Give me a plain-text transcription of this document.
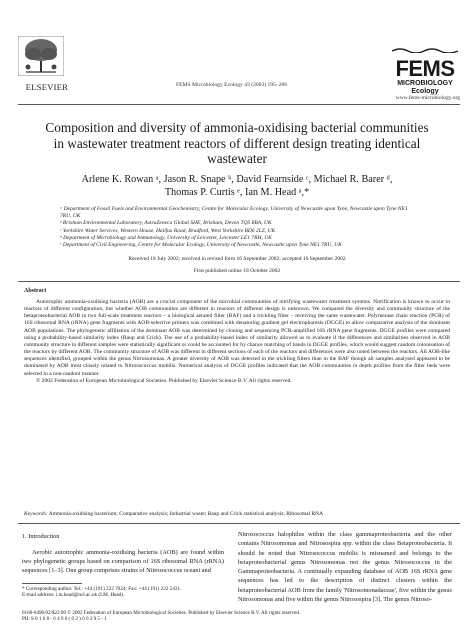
ELSEVIER	FEMS Microbiology Ecology 43 (2003) 195–206
FEMS
MICROBIOLOGY
Ecology
www.fems-microbiology.org
Composition and diversity of ammonia-oxidising bacterial communities in wastewater treatment reactors of different design treating identical wastewater
Arlene K. Rowan ᵃ, Jason R. Snape ᵇ, David Fearnside ᶜ, Michael R. Barer ᵈ,
Thomas P. Curtis ᵉ, Ian M. Head ᵃ,*
ᵃ Department of Fossil Fuels and Environmental Geochemistry, Centre for Molecular Ecology, University of Newcastle upon Tyne, Newcastle upon Tyne NE1 7RU, UK
ᵇ Brixham Environmental Laboratory, AstraZeneca Global SHE, Brixham, Devon TQ5 8BA, UK
ᶜ Yorkshire Water Services, Western House, Halifax Road, Bradford, West Yorkshire BD6 2LZ, UK
ᵈ Department of Microbiology and Immunology, University of Leicester, Leicester LE1 7RH, UK
ᵉ Department of Civil Engineering, Centre for Molecular Ecology, University of Newcastle, Newcastle upon Tyne NE1 7RU, UK
Received 18 July 2002; received in revised form 16 September 2002; accepted 16 September 2002
First published online 18 October 2002
Abstract
Autotrophic ammonia-oxidising bacteria (AOB) are a crucial component of the microbial communities of nitrifying wastewater treatment systems. Nitrification is known to occur in reactors of different configuration, but whether AOB communities are different in reactors of different design is unknown. We compared the diversity and community structure of the betaproteobacterial AOB in two full-scale treatment reactors – a biological aerated filter (BAF) and a trickling filter – receiving the same wastewater. Polymerase chain reaction (PCR) of 16S ribosomal RNA (rRNA) gene fragments with AOB-selective primers was combined with denaturing gradient gel electrophoresis (DGGE) to allow comparative analysis of the dominant AOB populations. The phylogenetic affiliation of the dominant AOB was determined by cloning and sequencing PCR-amplified 16S rRNA gene fragments. DGGE profiles were compared using a probability-based similarity index (Raup and Crick). The use of a probability-based index of similarity allowed us to evaluate if the differences and similarities observed in AOB community structure in different samples were statistically significant or could be accounted for by chance matching of bands in DGGE profiles, which would suggest random colonisation of the reactors by different AOB. The community structure of AOB was different in different sections of each of the reactors and differences were also noted between the reactors. All AOB-like sequences identified, grouped within the genus Nitrosomonas. A greater diversity of AOB was detected in the trickling filters than in the BAF though all samples analysed appeared to be dominated by AOB most closely related to Nitrosococcus mobilis. Numerical analysis of DGGE profiles indicated that the AOB communities in depth profiles from the filter beds were selected in a non-random manner.
© 2002 Federation of European Microbiological Societies. Published by Elsevier Science B.V. All rights reserved.
Keywords: Ammonia-oxidising bacterium; Comparative analysis; Industrial waste; Raup and Crick statistical analysis; Ribosomal RNA
1. Introduction
Aerobic autotrophic ammonia-oxidising bacteria (AOB) are found within two phylogenetic groups based on comparison of 16S ribosomal RNA (rRNA) sequences [1–3]. One group comprises strains of Nitrosococcus oceani and
Nitrosococcus halophilus within the class gammaproteobacteria and the other contains Nitrosomonas and Nitrosospira spp. within the class Betaproteobacteria. It should be noted that Nitrosococcus mobilis is misnamed and belongs to the betaproteobacterial genus Nitrosomonas not the genus Nitrosococcus in the Gammaproteobacteria. A continually expanding database of AOB 16S rRNA gene sequences has led to the description of distinct clusters within the betaproteobacterial AOB from the family 'Nitrosomonadaceae', five within the genus Nitrosomonas and five within the genus Nitrosospira [3]. The genus Nitroso-
* Corresponding author. Tel.: +44 (191) 222 7024; Fax: +44 (191) 222 5431.
E-mail address: i.m.head@ncl.ac.uk (I.M. Head).
0168-6496/02/$22.00 © 2002 Federation of European Microbiological Societies. Published by Elsevier Science B.V. All rights reserved.
PII: S 0 1 6 8 - 6 4 9 6 ( 0 2 ) 0 0 3 9 5 - 1
